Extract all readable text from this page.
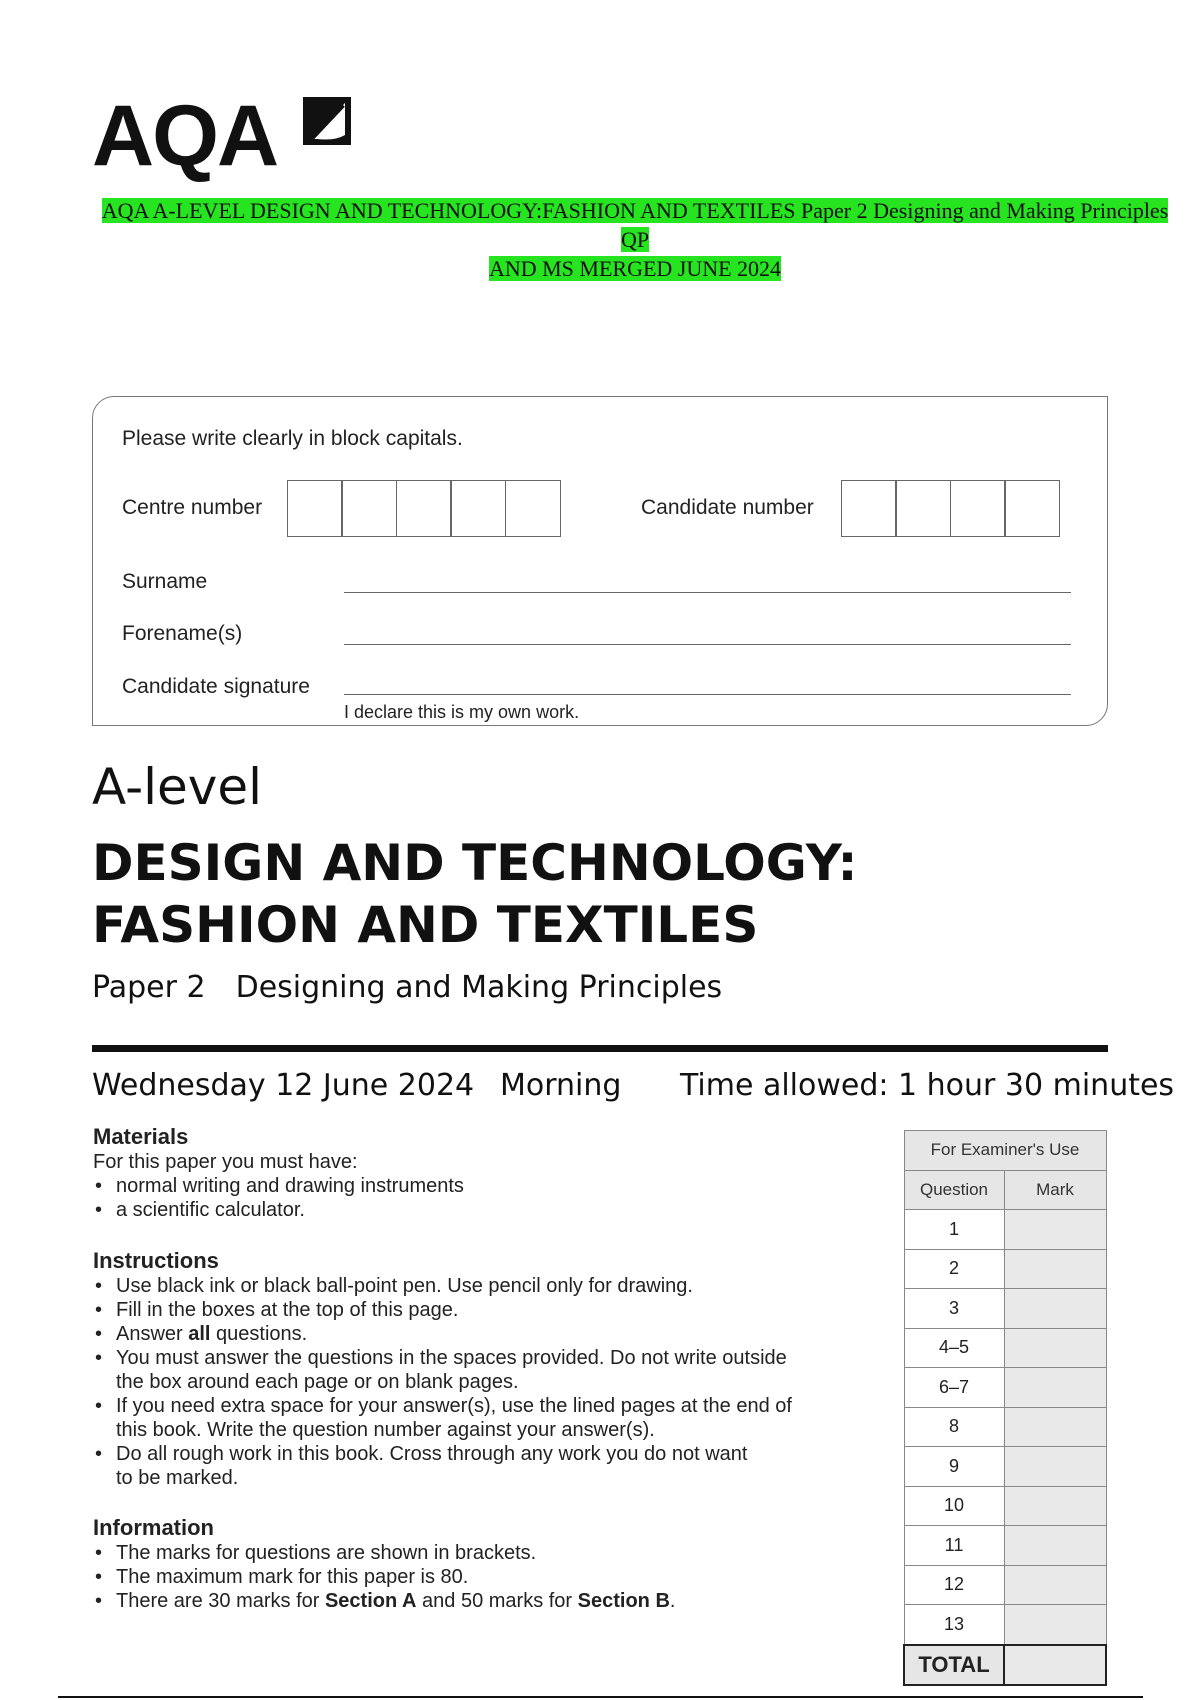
AQA
AQA A-LEVEL DESIGN AND TECHNOLOGY:FASHION AND TEXTILES Paper 2 Designing and Making Principles QP
AND MS MERGED JUNE 2024
Please write clearly in block capitals.
Centre number	Candidate number
Surname
Forename(s)
Candidate signature
I declare this is my own work.
A-level
DESIGN AND TECHNOLOGY:
FASHION AND TEXTILES
Paper 2 Designing and Making Principles
Wednesday 12 June 2024 Morning Time allowed: 1 hour 30 minutes
Materials
For this paper you must have:
• normal writing and drawing instruments
• a scientific calculator.
Instructions
• Use black ink or black ball-point pen. Use pencil only for drawing.
• Fill in the boxes at the top of this page.
• Answer all questions.
• You must answer the questions in the spaces provided. Do not write outside
the box around each page or on blank pages.
• If you need extra space for your answer(s), use the lined pages at the end of
this book. Write the question number against your answer(s).
• Do all rough work in this book. Cross through any work you do not want
to be marked.
Information
• The marks for questions are shown in brackets.
• The maximum mark for this paper is 80.
• There are 30 marks for Section A and 50 marks for Section B.
For Examiner's Use	
Question	Mark
1	
2	
3	
4–5	
6–7	
8	
9	
10	
11	
12	
13	
TOTAL	
